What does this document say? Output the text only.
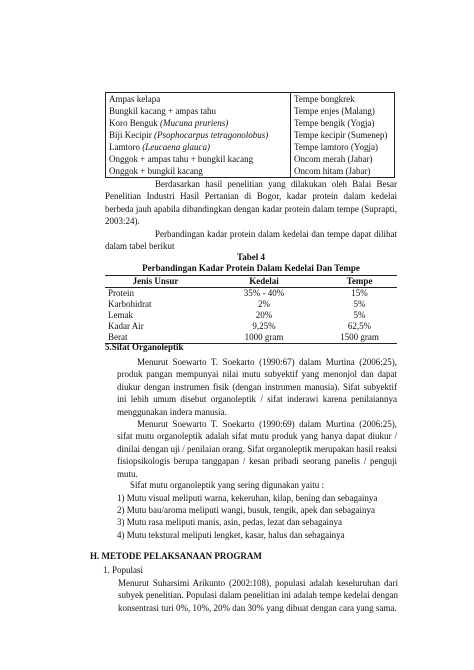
Ampas kelapa	Tempe bongkrek
Bungkil kacang + ampas tahu	Tempe enjes (Malang)
Koro Benguk (Mucuna pruriens)	Tempe bengik (Yogja)
Biji Kecipir (Psophocarpus tetragonolobus)	Tempe kecipir (Sumenep)
Lamtoro (Leucaena glauca)	Tempe lamtoro (Yogja)
Onggok + ampas tahu + bungkil kacang	Oncom merah (Jabar)
Onggok + bungkil kacang	Oncom hitam (Jabar)

Berdasarkan hasil penelitian yang dilakukan oleh Balai Besar Penelitian Industri Hasil Pertanian di Bogor, kadar protein dalam kedelai berbeda jauh apabila dibandingkan dengan kadar protein dalam tempe (Suprapti, 2003:24).

Perbandingan kadar protein dalam kedelai dan tempe dapat dilihat dalam tabel berikut

Tabel 4

Perbandingan Kadar Protein Dalam Kedelai Dan Tempe

Jenis Unsur	Kedelai	Tempe
Protein	35% - 40%	15%
Karbohidrat	2%	5%
Lemak	20%	5%
Kadar Air	9,25%	62,5%
Berat	1000 gram	1500 gram

5.Sifat Organoleptik

Menurut Soewarto T. Soekarto (1990:67) dalam Murtina (2006:25), produk pangan mempunyai nilai mutu subyektif yang menonjol dan dapat diukur dengan instrumen fisik (dengan instrumen manusia). Sifat subyektif ini lebih umum disebut organoleptik / sifat inderawi karena penilaiannya menggunakan indera manusia.

Menurut Soewarto T. Soekarto (1990:69) dalam Murtina (2006:25), sifat mutu organoleptik adalah sifat mutu produk yang hanya dapat diukur / dinilai dengan uji / penilaian orang. Sifat organoleptik merupakan hasil reaksi fisiopsikologis berupa tanggapan / kesan pribadi seorang panelis / penguji mutu.

Sifat mutu organoleptik yang sering digunakan yaitu :

1) Mutu visual meliputi warna, kekeruhan, kilap, bening dan sebagainya
2) Mutu bau/aroma meliputi wangi, busuk, tengik, apek dan sebagainya
3) Mutu rasa meliputi manis, asin, pedas, lezat dan sebagainya
4) Mutu tekstural meliputi lengket, kasar, halus dan sebagainya

H. METODE PELAKSANAAN PROGRAM

1. Populasi

Menurut Suharsimi Arikunto (2002:108), populasi adalah keseluruhan dari subyek penelitian. Populasi dalam penelitian ini adalah tempe kedelai dengan konsentrasi turi 0%, 10%, 20% dan 30% yang dibuat dengan cara yang sama.
